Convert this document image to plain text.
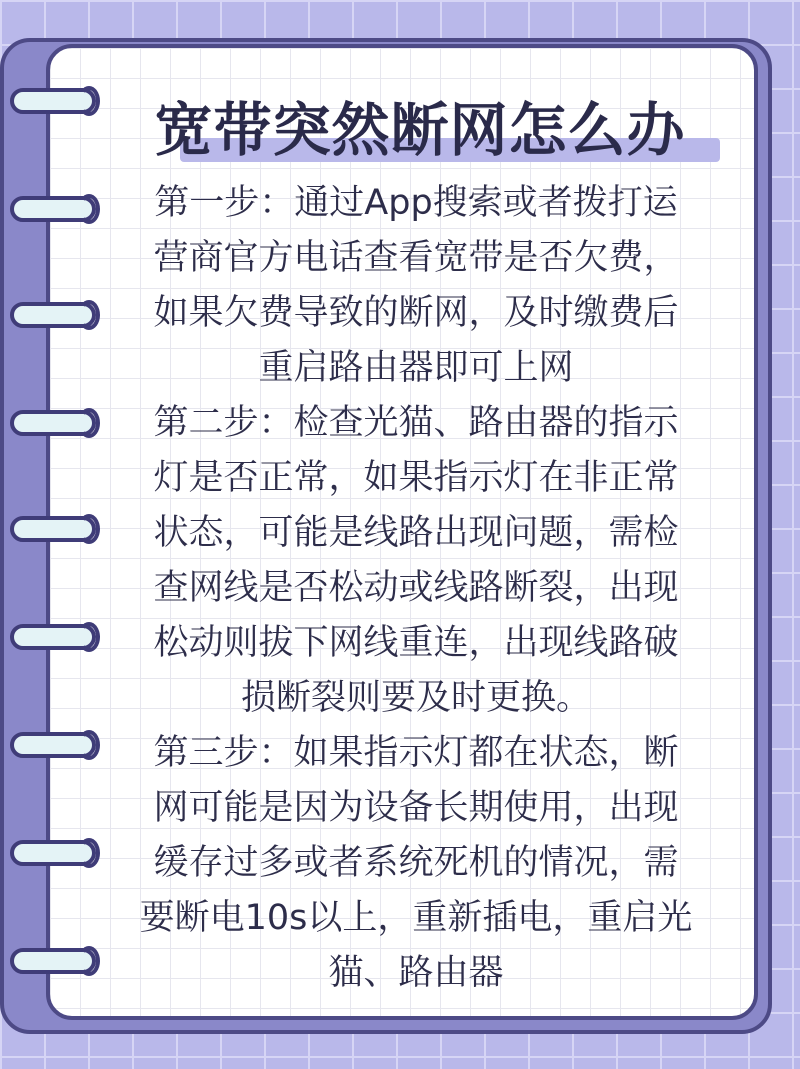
宽带突然断网怎么办
第一步：通过App搜索或者拨打运
营商官方电话查看宽带是否欠费，
如果欠费导致的断网，及时缴费后
重启路由器即可上网
第二步：检查光猫、路由器的指示
灯是否正常，如果指示灯在非正常
状态，可能是线路出现问题，需检
查网线是否松动或线路断裂，出现
松动则拔下网线重连，出现线路破
损断裂则要及时更换。
第三步：如果指示灯都在状态，断
网可能是因为设备长期使用，出现
缓存过多或者系统死机的情况，需
要断电10s以上，重新插电，重启光
猫、路由器
